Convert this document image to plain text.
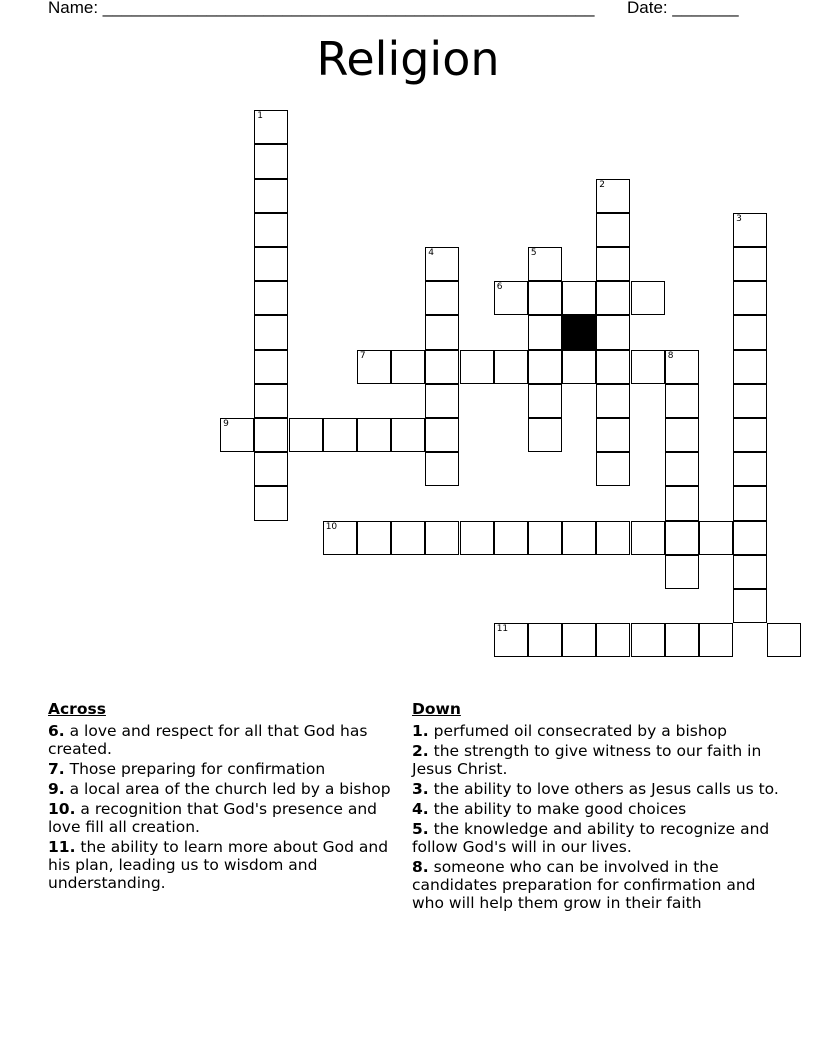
Name: ____________________________________________________ Date: _______
Religion
1
2
3
4	5
6
7	8
9
10
11
Across
6. a love and respect for all that God has created.
7. Those preparing for confirmation
9. a local area of the church led by a bishop
10. a recognition that God's presence and love fill all creation.
11. the ability to learn more about God and his plan, leading us to wisdom and understanding.
Down
1. perfumed oil consecrated by a bishop
2. the strength to give witness to our faith in Jesus Christ.
3. the ability to love others as Jesus calls us to.
4. the ability to make good choices
5. the knowledge and ability to recognize and follow God's will in our lives.
8. someone who can be involved in the candidates preparation for confirmation and who will help them grow in their faith
